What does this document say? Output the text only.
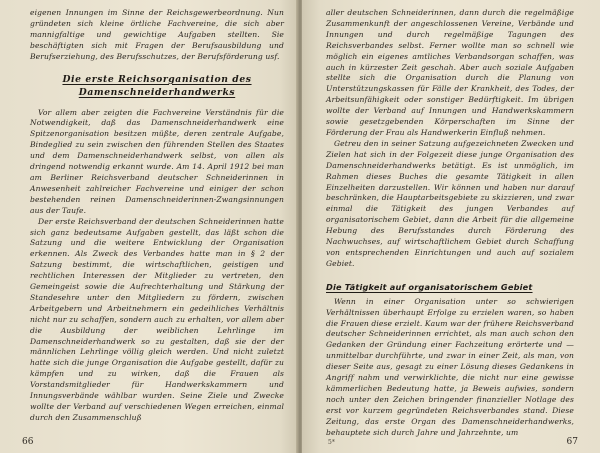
eigenen Innungen im Sinne der Reichsgewerbeordnung. Nun gründeten sich kleine örtliche Fachvereine, die sich aber mannigfaltige und gewichtige Aufgaben stellten. Sie beschäftigten sich mit Fragen der Berufsausbildung und Berufserziehung, des Berufsschutzes, der Berufsförderung usf.

Die erste Reichsorganisation des Damenschneiderhandwerks

Vor allem aber zeigten die Fachvereine Verständnis für die Notwendigkeit, daß das Damenschneiderhandwerk eine Spitzenorganisation besitzen müßte, deren zentrale Aufgabe, Bindeglied zu sein zwischen den führenden Stellen des Staates und dem Damenschneiderhandwerk selbst, von allen als dringend notwendig erkannt wurde. Am 14. April 1912 bei man am Berliner Reichsverband deutscher Schneiderinnen in Anwesenheit zahlreicher Fachvereine und einiger der schon bestehenden reinen Damenschneiderinnen-Zwangsinnungen aus der Taufe.

Der erste Reichsverband der deutschen Schneiderinnen hatte sich ganz bedeutsame Aufgaben gestellt, das läßt schon die Satzung und die weitere Entwicklung der Organisation erkennen. Als Zweck des Verbandes hatte man in § 2 der Satzung bestimmt, die wirtschaftlichen, geistigen und rechtlichen Interessen der Mitglieder zu vertreten, den Gemeingeist sowie die Aufrechterhaltung und Stärkung der Standesehre unter den Mitgliedern zu fördern, zwischen Arbeitgebern und Arbeitnehmern ein gedeihliches Verhältnis nicht nur zu schaffen, sondern auch zu erhalten, vor allem aber die Ausbildung der weiblichen Lehrlinge im Damenschneiderhandwerk so zu gestalten, daß sie der der männlichen Lehrlinge völlig gleich werden. Und nicht zuletzt hatte sich die junge Organisation die Aufgabe gestellt, dafür zu kämpfen und zu wirken, daß die Frauen als Vorstandsmitglieder für Handwerkskammern und Innungsverbände wählbar wurden. Seine Ziele und Zwecke wollte der Verband auf verschiedenen Wegen erreichen, einmal durch den Zusammenschluß

66

aller deutschen Schneiderinnen, dann durch die regelmäßige Zusammenkunft der angeschlossenen Vereine, Verbände und Innungen und durch regelmäßige Tagungen des Reichsverbandes selbst. Ferner wollte man so schnell wie möglich ein eigenes amtliches Verbandsorgan schaffen, was auch in kürzester Zeit geschah. Aber auch soziale Aufgaben stellte sich die Organisation durch die Planung von Unterstützungskassen für Fälle der Krankheit, des Todes, der Arbeitsunfähigkeit oder sonstiger Bedürftigkeit. Im übrigen wollte der Verband auf Innungen und Handwerkskammern sowie gesetzgebenden Körperschaften im Sinne der Förderung der Frau als Handwerkerin Einfluß nehmen.

Getreu den in seiner Satzung aufgezeichneten Zwecken und Zielen hat sich in der Folgezeit diese junge Organisation des Damenschneiderhandwerks betätigt. Es ist unmöglich, im Rahmen dieses Buches die gesamte Tätigkeit in allen Einzelheiten darzustellen. Wir können und haben nur darauf beschränken, die Hauptarbeitsgebiete zu skizzieren, und zwar einmal die Tätigkeit des jungen Verbandes auf organisatorischem Gebiet, dann die Arbeit für die allgemeine Hebung des Berufsstandes durch Förderung des Nachwuchses, auf wirtschaftlichem Gebiet durch Schaffung von entsprechenden Einrichtungen und auch auf sozialem Gebiet.

Die Tätigkeit auf organisatorischem Gebiet

Wenn in einer Organisation unter so schwierigen Verhältnissen überhaupt Erfolge zu erzielen waren, so haben die Frauen diese erzielt. Kaum war der frühere Reichsverband deutscher Schneiderinnen errichtet, als man auch schon den Gedanken der Gründung einer Fachzeitung erörterte und — unmittelbar durchführte, und zwar in einer Zeit, als man, von dieser Seite aus, gesagt zu einer Lösung dieses Gedankens in Angriff nahm und verwirklichte, die nicht nur eine gewisse kämmerlichen Bedeutung hatte, ja Beweis aufwies, sondern noch unter den Zeichen bringender finanzieller Notlage des erst vor kurzem gegründeten Reichsverbandes stand. Diese Zeitung, das erste Organ des Damenschneiderhandwerks, behauptete sich durch Jahre und Jahrzehnte, um

5*	67
